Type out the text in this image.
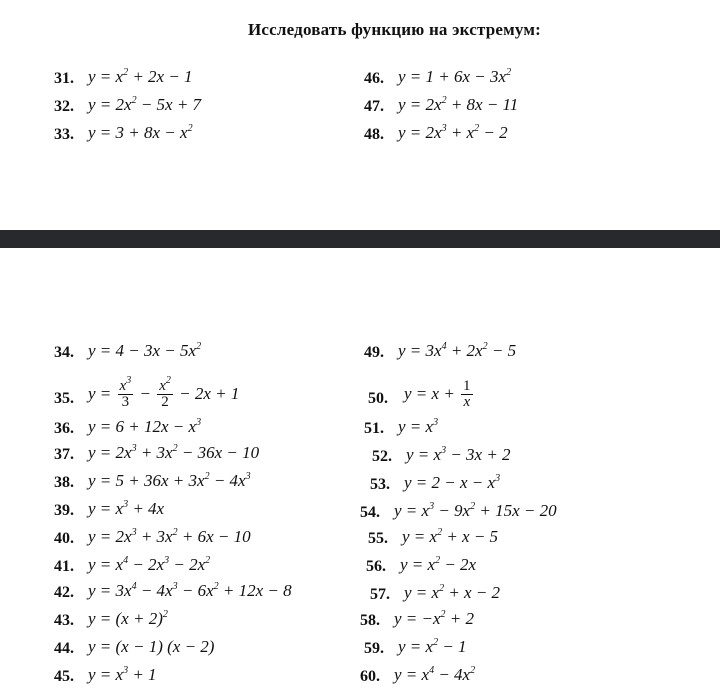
Исследовать функцию на экстремум:
31. $y = x^2 + 2x - 1$
32. $y = 2x^2 - 5x + 7$
33. $y = 3 + 8x - x^2$
46. $y = 1 + 6x - 3x^2$
47. $y = 2x^2 + 8x - 11$
48. $y = 2x^3 + x^2 - 2$
34. $y = 4 - 3x - 5x^2$
35. $y = \frac{x^3}{3} - \frac{x^2}{2} - 2x + 1$
36. $y = 6 + 12x - x^3$
37. $y = 2x^3 + 3x^2 - 36x - 10$
38. $y = 5 + 36x + 3x^2 - 4x^3$
39. $y = x^3 + 4x$
40. $y = 2x^3 + 3x^2 + 6x - 10$
41. $y = x^4 - 2x^3 - 2x^2$
42. $y = 3x^4 - 4x^3 - 6x^2 + 12x - 8$
43. $y = (x + 2)^2$
44. y = (x − 1) (x − 2)
45. $y = x^3 + 1$
49. $y = 3x^4 + 2x^2 - 5$
50. $y = x + \frac{1}{x}$
51. $y = x^3$
52. $y = x^3 - 3x + 2$
53. $y = 2 - x - x^3$
54. $y = x^3 - 9x^2 + 15x - 20$
55. $y = x^2 + x - 5$
56. $y = x^2 - 2x$
57. $y = x^2 + x - 2$
58. $y = -x^2 + 2$
59. $y = x^2 - 1$
60. $y = x^4 - 4x^2$
